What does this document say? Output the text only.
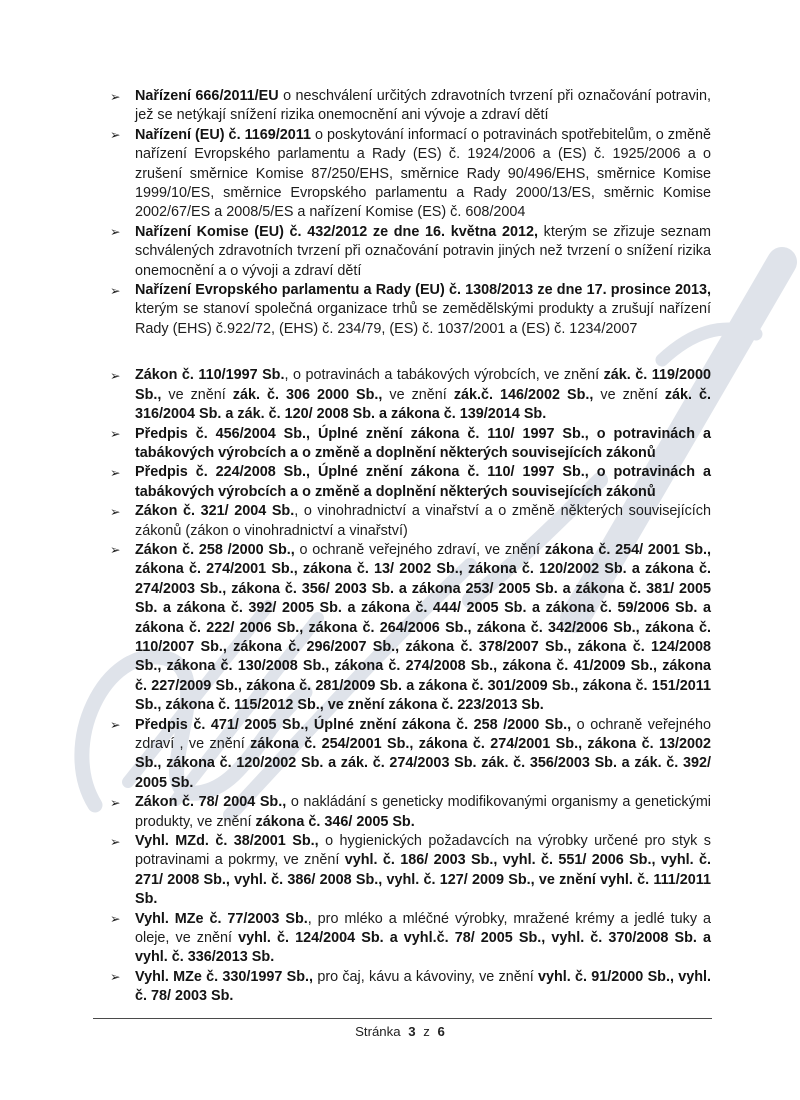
➢ Nařízení 666/2011/EU o neschválení určitých zdravotních tvrzení při označování potravin, jež se netýkají snížení rizika onemocnění ani vývoje a zdraví dětí
➢ Nařízení (EU) č. 1169/2011 o poskytování informací o potravinách spotřebitelům, o změně nařízení Evropského parlamentu a Rady (ES) č. 1924/2006 a (ES) č. 1925/2006 a o zrušení směrnice Komise 87/250/EHS, směrnice Rady 90/496/EHS, směrnice Komise 1999/10/ES, směrnice Evropského parlamentu a Rady 2000/13/ES, směrnic Komise 2002/67/ES a 2008/5/ES a nařízení Komise (ES) č. 608/2004
➢ Nařízení Komise (EU) č. 432/2012 ze dne 16. května 2012, kterým se zřizuje seznam schválených zdravotních tvrzení při označování potravin jiných než tvrzení o snížení rizika onemocnění a o vývoji a zdraví dětí
➢ Nařízení Evropského parlamentu a Rady (EU) č. 1308/2013 ze dne 17. prosince 2013, kterým se stanoví společná organizace trhů se zemědělskými produkty a zrušují nařízení Rady (EHS) č.922/72, (EHS) č. 234/79, (ES) č. 1037/2001 a (ES) č. 1234/2007
➢ Zákon č. 110/1997 Sb., o potravinách a tabákových výrobcích, ve znění zák. č. 119/2000 Sb., ve znění zák. č. 306 2000 Sb., ve znění zák.č. 146/2002 Sb., ve znění zák. č. 316/2004 Sb. a zák. č. 120/ 2008 Sb. a zákona č. 139/2014 Sb.
➢ Předpis č. 456/2004 Sb., Úplné znění zákona č. 110/ 1997 Sb., o potravinách a tabákových výrobcích a o změně a doplnění některých souvisejících zákonů
➢ Předpis č. 224/2008 Sb., Úplné znění zákona č. 110/ 1997 Sb., o potravinách a tabákových výrobcích a o změně a doplnění některých souvisejících zákonů
➢ Zákon č. 321/ 2004 Sb., o vinohradnictví a vinařství a o změně některých souvisejících zákonů (zákon o vinohradnictví a vinařství)
➢ Zákon č. 258 /2000 Sb., o ochraně veřejného zdraví, ve znění zákona č. 254/ 2001 Sb., zákona č. 274/2001 Sb., zákona č. 13/ 2002 Sb., zákona č. 120/2002 Sb. a zákona č. 274/2003 Sb., zákona č. 356/ 2003 Sb. a zákona 253/ 2005 Sb. a zákona č. 381/ 2005 Sb. a zákona č. 392/ 2005 Sb. a zákona č. 444/ 2005 Sb. a zákona č. 59/2006 Sb. a zákona č. 222/ 2006 Sb., zákona č. 264/2006 Sb., zákona č. 342/2006 Sb., zákona č. 110/2007 Sb., zákona č. 296/2007 Sb., zákona č. 378/2007 Sb., zákona č. 124/2008 Sb., zákona č. 130/2008 Sb., zákona č. 274/2008 Sb., zákona č. 41/2009 Sb., zákona č. 227/2009 Sb., zákona č. 281/2009 Sb. a zákona č. 301/2009 Sb., zákona č. 151/2011 Sb., zákona č. 115/2012 Sb., ve znění zákona č. 223/2013 Sb.
➢ Předpis č. 471/ 2005 Sb., Úplné znění zákona č. 258 /2000 Sb., o ochraně veřejného zdraví , ve znění zákona č. 254/2001 Sb., zákona č. 274/2001 Sb., zákona č. 13/2002 Sb., zákona č. 120/2002 Sb. a zák. č. 274/2003 Sb. zák. č. 356/2003 Sb. a zák. č. 392/ 2005 Sb.
➢ Zákon č. 78/ 2004 Sb., o nakládání s geneticky modifikovanými organismy a genetickými produkty, ve znění zákona č. 346/ 2005 Sb.
➢ Vyhl. MZd. č. 38/2001 Sb., o hygienických požadavcích na výrobky určené pro styk s potravinami a pokrmy, ve znění vyhl. č. 186/ 2003 Sb., vyhl. č. 551/ 2006 Sb., vyhl. č. 271/ 2008 Sb., vyhl. č. 386/ 2008 Sb., vyhl. č. 127/ 2009 Sb., ve znění vyhl. č. 111/2011 Sb.
➢ Vyhl. MZe č. 77/2003 Sb., pro mléko a mléčné výrobky, mražené krémy a jedlé tuky a oleje, ve znění vyhl. č. 124/2004 Sb. a vyhl.č. 78/ 2005 Sb., vyhl. č. 370/2008 Sb. a vyhl. č. 336/2013 Sb.
➢ Vyhl. MZe č. 330/1997 Sb., pro čaj, kávu a kávoviny, ve znění vyhl. č. 91/2000 Sb., vyhl. č. 78/ 2003 Sb.
Stránka 3 z 6
